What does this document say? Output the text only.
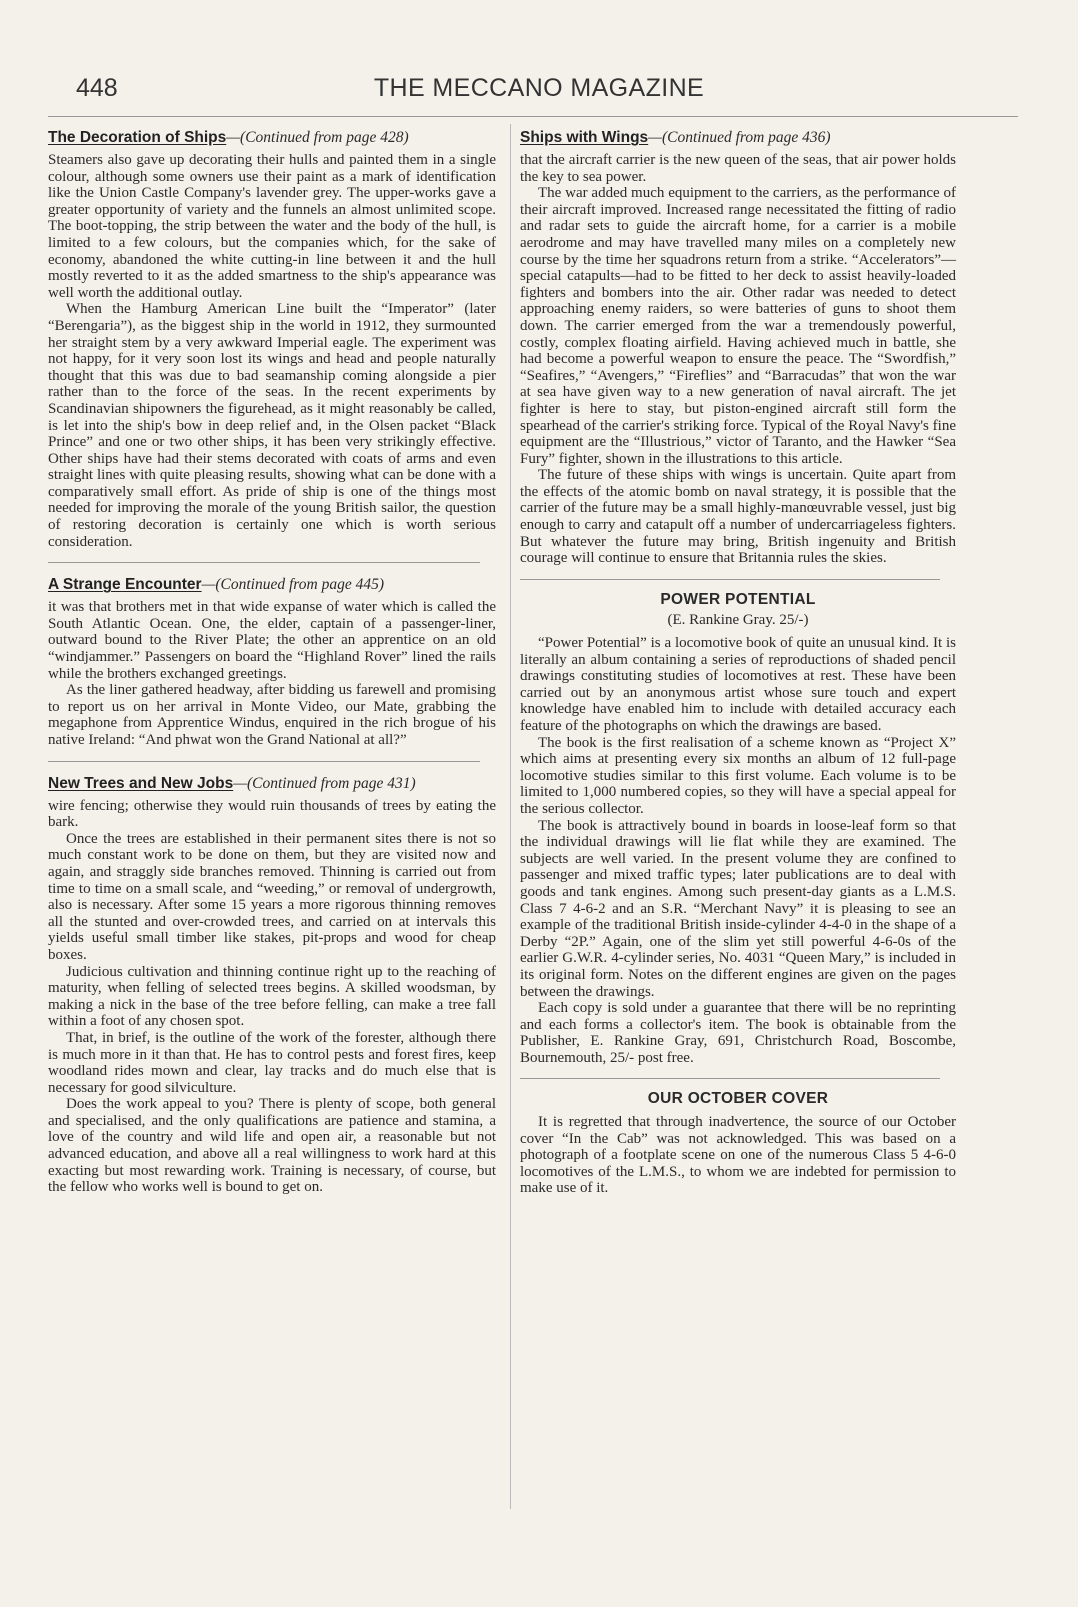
448	THE MECCANO MAGAZINE
The Decoration of Ships—(Continued from page 428)

Steamers also gave up decorating their hulls and painted them in a single colour, although some owners use their paint as a mark of identification like the Union Castle Company's lavender grey. The upper-works gave a greater opportunity of variety and the funnels an almost unlimited scope. The boot-topping, the strip between the water and the body of the hull, is limited to a few colours, but the companies which, for the sake of economy, abandoned the white cutting-in line between it and the hull mostly reverted to it as the added smartness to the ship's appearance was well worth the additional outlay.

When the Hamburg American Line built the “Imperator” (later “Berengaria”), as the biggest ship in the world in 1912, they surmounted her straight stem by a very awkward Imperial eagle. The experiment was not happy, for it very soon lost its wings and head and people naturally thought that this was due to bad seamanship coming alongside a pier rather than to the force of the seas. In the recent experiments by Scandinavian shipowners the figurehead, as it might reasonably be called, is let into the ship's bow in deep relief and, in the Olsen packet “Black Prince” and one or two other ships, it has been very strikingly effective. Other ships have had their stems decorated with coats of arms and even straight lines with quite pleasing results, showing what can be done with a comparatively small effort. As pride of ship is one of the things most needed for improving the morale of the young British sailor, the question of restoring decoration is certainly one which is worth serious consideration.

A Strange Encounter—(Continued from page 445)

it was that brothers met in that wide expanse of water which is called the South Atlantic Ocean. One, the elder, captain of a passenger-liner, outward bound to the River Plate; the other an apprentice on an old “windjammer.” Passengers on board the “Highland Rover” lined the rails while the brothers exchanged greetings.

As the liner gathered headway, after bidding us farewell and promising to report us on her arrival in Monte Video, our Mate, grabbing the megaphone from Apprentice Windus, enquired in the rich brogue of his native Ireland: “And phwat won the Grand National at all?”

New Trees and New Jobs—(Continued from page 431)

wire fencing; otherwise they would ruin thousands of trees by eating the bark.

Once the trees are established in their permanent sites there is not so much constant work to be done on them, but they are visited now and again, and straggly side branches removed. Thinning is carried out from time to time on a small scale, and “weeding,” or removal of undergrowth, also is necessary. After some 15 years a more rigorous thinning removes all the stunted and over-crowded trees, and carried on at intervals this yields useful small timber like stakes, pit-props and wood for cheap boxes.

Judicious cultivation and thinning continue right up to the reaching of maturity, when felling of selected trees begins. A skilled woodsman, by making a nick in the base of the tree before felling, can make a tree fall within a foot of any chosen spot.

That, in brief, is the outline of the work of the forester, although there is much more in it than that. He has to control pests and forest fires, keep woodland rides mown and clear, lay tracks and do much else that is necessary for good silviculture.

Does the work appeal to you? There is plenty of scope, both general and specialised, and the only qualifications are patience and stamina, a love of the country and wild life and open air, a reasonable but not advanced education, and above all a real willingness to work hard at this exacting but most rewarding work. Training is necessary, of course, but the fellow who works well is bound to get on.

Ships with Wings—(Continued from page 436)

that the aircraft carrier is the new queen of the seas, that air power holds the key to sea power.

The war added much equipment to the carriers, as the performance of their aircraft improved. Increased range necessitated the fitting of radio and radar sets to guide the aircraft home, for a carrier is a mobile aerodrome and may have travelled many miles on a completely new course by the time her squadrons return from a strike. “Accelerators”—special catapults—had to be fitted to her deck to assist heavily-loaded fighters and bombers into the air. Other radar was needed to detect approaching enemy raiders, so were batteries of guns to shoot them down. The carrier emerged from the war a tremendously powerful, costly, complex floating airfield. Having achieved much in battle, she had become a powerful weapon to ensure the peace. The “Swordfish,” “Seafires,” “Avengers,” “Fireflies” and “Barracudas” that won the war at sea have given way to a new generation of naval aircraft. The jet fighter is here to stay, but piston-engined aircraft still form the spearhead of the carrier's striking force. Typical of the Royal Navy's fine equipment are the “Illustrious,” victor of Taranto, and the Hawker “Sea Fury” fighter, shown in the illustrations to this article.

The future of these ships with wings is uncertain. Quite apart from the effects of the atomic bomb on naval strategy, it is possible that the carrier of the future may be a small highly-manœuvrable vessel, just big enough to carry and catapult off a number of undercarriageless fighters. But whatever the future may bring, British ingenuity and British courage will continue to ensure that Britannia rules the skies.

POWER POTENTIAL
(E. Rankine Gray. 25/-)

“Power Potential” is a locomotive book of quite an unusual kind. It is literally an album containing a series of reproductions of shaded pencil drawings constituting studies of locomotives at rest. These have been carried out by an anonymous artist whose sure touch and expert knowledge have enabled him to include with detailed accuracy each feature of the photographs on which the drawings are based.

The book is the first realisation of a scheme known as “Project X” which aims at presenting every six months an album of 12 full-page locomotive studies similar to this first volume. Each volume is to be limited to 1,000 numbered copies, so they will have a special appeal for the serious collector.

The book is attractively bound in boards in loose-leaf form so that the individual drawings will lie flat while they are examined. The subjects are well varied. In the present volume they are confined to passenger and mixed traffic types; later publications are to deal with goods and tank engines. Among such present-day giants as a L.M.S. Class 7 4-6-2 and an S.R. “Merchant Navy” it is pleasing to see an example of the traditional British inside-cylinder 4-4-0 in the shape of a Derby “2P.” Again, one of the slim yet still powerful 4-6-0s of the earlier G.W.R. 4-cylinder series, No. 4031 “Queen Mary,” is included in its original form. Notes on the different engines are given on the pages between the drawings.

Each copy is sold under a guarantee that there will be no reprinting and each forms a collector's item. The book is obtainable from the Publisher, E. Rankine Gray, 691, Christchurch Road, Boscombe, Bournemouth, 25/- post free.

OUR OCTOBER COVER

It is regretted that through inadvertence, the source of our October cover “In the Cab” was not acknowledged. This was based on a photograph of a footplate scene on one of the numerous Class 5 4-6-0 locomotives of the L.M.S., to whom we are indebted for permission to make use of it.
